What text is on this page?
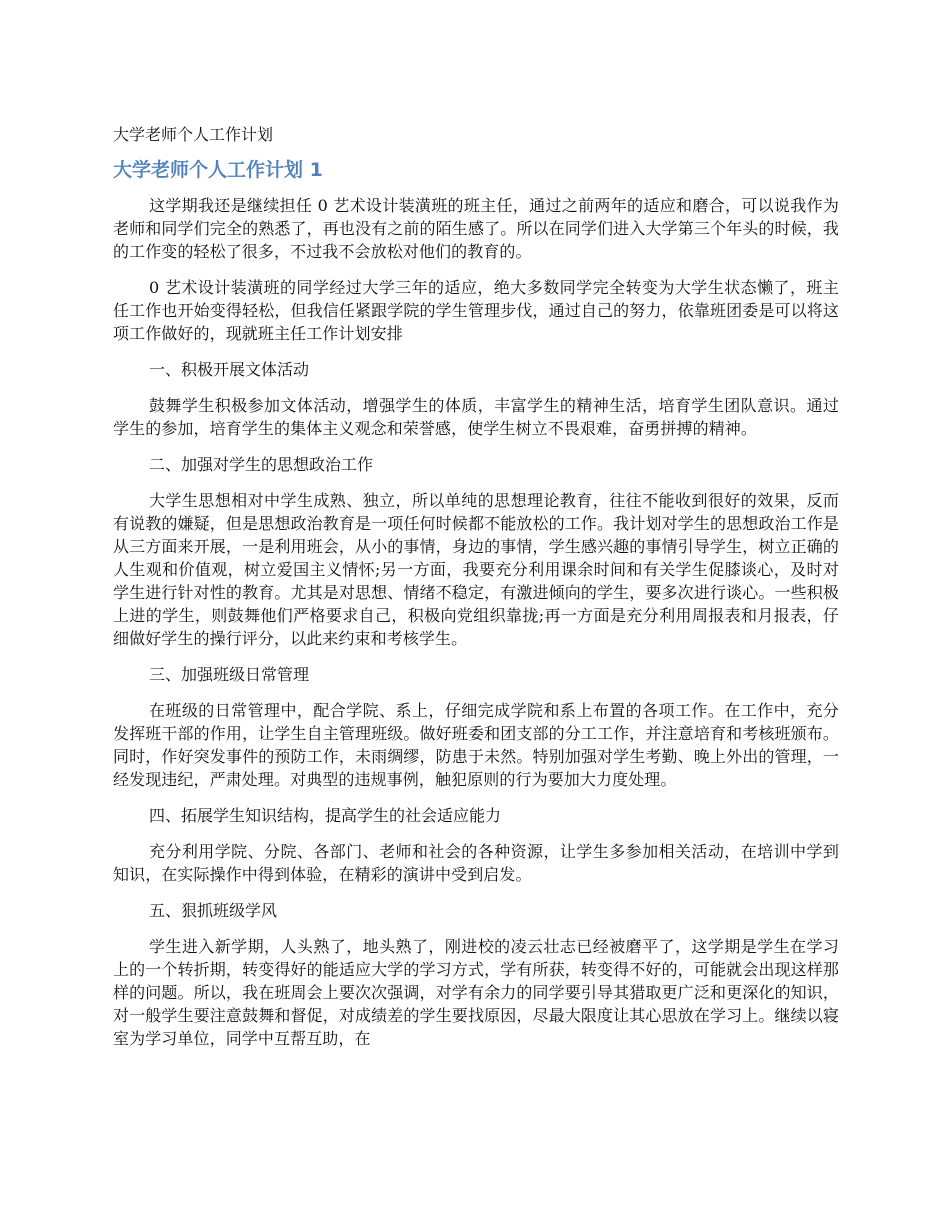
大学老师个人工作计划
大学老师个人工作计划 1

这学期我还是继续担任 0 艺术设计装潢班的班主任，通过之前两年的适应和磨合，可以说我作为老师和同学们完全的熟悉了，再也没有之前的陌生感了。所以在同学们进入大学第三个年头的时候，我的工作变的轻松了很多，不过我不会放松对他们的教育的。

0 艺术设计装潢班的同学经过大学三年的适应，绝大多数同学完全转变为大学生状态懒了，班主任工作也开始变得轻松，但我信任紧跟学院的学生管理步伐，通过自己的努力，依靠班团委是可以将这项工作做好的，现就班主任工作计划安排

一、积极开展文体活动

鼓舞学生积极参加文体活动，增强学生的体质，丰富学生的精神生活，培育学生团队意识。通过学生的参加，培育学生的集体主义观念和荣誉感，使学生树立不畏艰难，奋勇拼搏的精神。

二、加强对学生的思想政治工作

大学生思想相对中学生成熟、独立，所以单纯的思想理论教育，往往不能收到很好的效果，反而有说教的嫌疑，但是思想政治教育是一项任何时候都不能放松的工作。我计划对学生的思想政治工作是从三方面来开展，一是利用班会，从小的事情，身边的事情，学生感兴趣的事情引导学生，树立正确的人生观和价值观，树立爱国主义情怀;另一方面，我要充分利用课余时间和有关学生促膝谈心，及时对学生进行针对性的教育。尤其是对思想、情绪不稳定，有激进倾向的学生，要多次进行谈心。一些积极上进的学生，则鼓舞他们严格要求自己，积极向党组织靠拢;再一方面是充分利用周报表和月报表，仔细做好学生的操行评分，以此来约束和考核学生。

三、加强班级日常管理

在班级的日常管理中，配合学院、系上，仔细完成学院和系上布置的各项工作。在工作中，充分发挥班干部的作用，让学生自主管理班级。做好班委和团支部的分工工作，并注意培育和考核班颁布。同时，作好突发事件的预防工作，未雨绸缪，防患于未然。特别加强对学生考勤、晚上外出的管理，一经发现违纪，严肃处理。对典型的违规事例，触犯原则的行为要加大力度处理。

四、拓展学生知识结构，提高学生的社会适应能力

充分利用学院、分院、各部门、老师和社会的各种资源，让学生多参加相关活动，在培训中学到知识，在实际操作中得到体验，在精彩的演讲中受到启发。

五、狠抓班级学风

学生进入新学期，人头熟了，地头熟了，刚进校的凌云壮志已经被磨平了，这学期是学生在学习上的一个转折期，转变得好的能适应大学的学习方式，学有所获，转变得不好的，可能就会出现这样那样的问题。所以，我在班周会上要次次强调，对学有余力的同学要引导其猎取更广泛和更深化的知识，对一般学生要注意鼓舞和督促，对成绩差的学生要找原因，尽最大限度让其心思放在学习上。继续以寝室为学习单位，同学中互帮互助，在
